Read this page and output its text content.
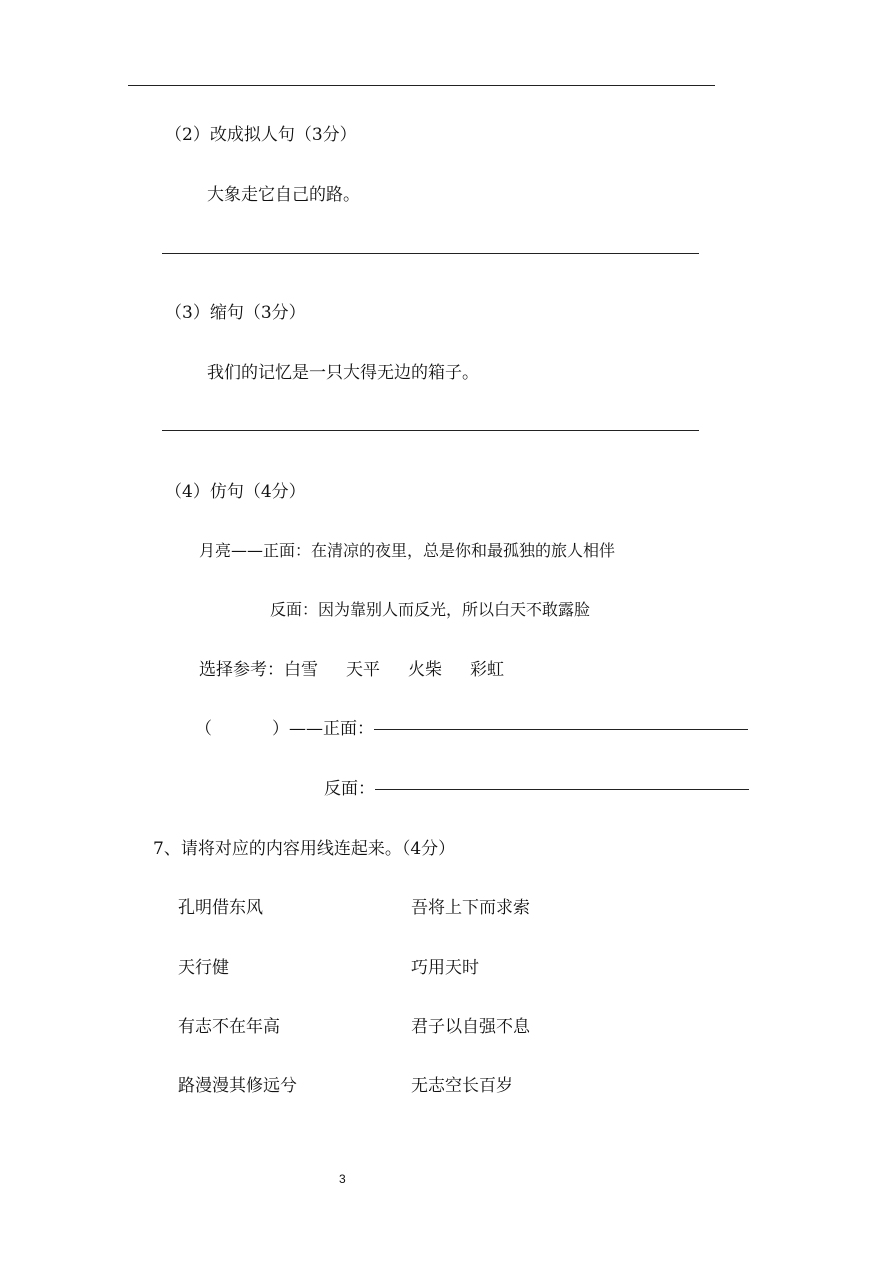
（2）改成拟人句（3分）
大象走它自己的路。
（3）缩句（3分）
我们的记忆是一只大得无边的箱子。
（4）仿句（4分）
月亮——正面：在清凉的夜里，总是你和最孤独的旅人相伴
反面：因为靠别人而反光，所以白天不敢露脸
选择参考：白雪 天平 火柴 彩虹
（	）——正面：
反面：
7、请将对应的内容用线连起来。（4分）
孔明借东风	吾将上下而求索
天行健	巧用天时
有志不在年高	君子以自强不息
路漫漫其修远兮	无志空长百岁
3
